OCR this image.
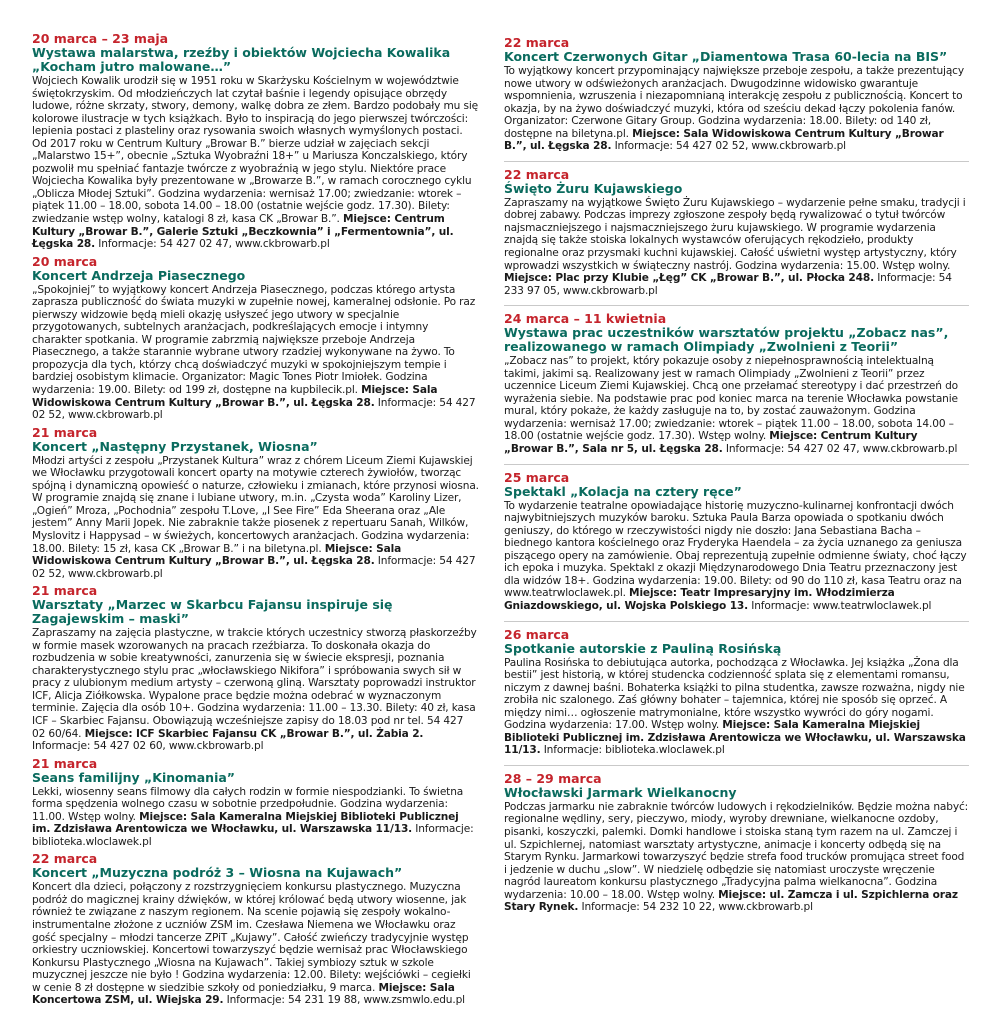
20 marca – 23 maja
Wystawa malarstwa, rzeźby i obiektów Wojciecha Kowalika „Kocham jutro malowane…”
Wojciech Kowalik urodził się w 1951 roku w Skarżysku Kościelnym w województwie świętokrzyskim. Od młodzieńczych lat czytał baśnie i legendy opisujące obrzędy ludowe, różne skrzaty, stwory, demony, walkę dobra ze złem. Bardzo podobały mu się kolorowe ilustracje w tych książkach. Było to inspiracją do jego pierwszej twórczości: lepienia postaci z plasteliny oraz rysowania swoich własnych wymyślonych postaci. Od 2017 roku w Centrum Kultury „Browar B.” bierze udział w zajęciach sekcji „Malarstwo 15+”, obecnie „Sztuka Wyobraźni 18+” u Mariusza Konczalskiego, który pozwolił mu spełniać fantazje twórcze z wyobraźnią w jego stylu. Niektóre prace Wojciecha Kowalika były prezentowane w „Browarze B.”, w ramach corocznego cyklu „Oblicza Młodej Sztuki”. Godzina wydarzenia: wernisaż 17.00; zwiedzanie: wtorek – piątek 11.00 – 18.00, sobota 14.00 – 18.00 (ostatnie wejście godz. 17.30). Bilety: zwiedzanie wstęp wolny, katalogi 8 zł, kasa CK „Browar B.”. Miejsce: Centrum Kultury „Browar B.”, Galerie Sztuki „Beczkownia” i „Fermentownia”, ul. Łęgska 28. Informacje: 54 427 02 47, www.ckbrowarb.pl
20 marca
Koncert Andrzeja Piasecznego
„Spokojniej” to wyjątkowy koncert Andrzeja Piasecznego, podczas którego artysta zaprasza publiczność do świata muzyki w zupełnie nowej, kameralnej odsłonie. Po raz pierwszy widzowie będą mieli okazję usłyszeć jego utwory w specjalnie przygotowanych, subtelnych aranżacjach, podkreślających emocje i intymny charakter spotkania. W programie zabrzmią największe przeboje Andrzeja Piasecznego, a także starannie wybrane utwory rzadziej wykonywane na żywo. To propozycja dla tych, którzy chcą doświadczyć muzyki w spokojniejszym tempie i bardziej osobistym klimacie. Organizator: Magic Tones Piotr Imiołek. Godzina wydarzenia: 19.00. Bilety: od 199 zł, dostępne na kupbilecik.pl. Miejsce: Sala Widowiskowa Centrum Kultury „Browar B.”, ul. Łęgska 28. Informacje: 54 427 02 52, www.ckbrowarb.pl
21 marca
Koncert „Następny Przystanek, Wiosna”
Młodzi artyści z zespołu „Przystanek Kultura” wraz z chórem Liceum Ziemi Kujawskiej we Włocławku przygotowali koncert oparty na motywie czterech żywiołów, tworząc spójną i dynamiczną opowieść o naturze, człowieku i zmianach, które przynosi wiosna. W programie znajdą się znane i lubiane utwory, m.in. „Czysta woda” Karoliny Lizer, „Ogień” Mroza, „Pochodnia” zespołu T.Love, „I See Fire” Eda Sheerana oraz „Ale jestem” Anny Marii Jopek. Nie zabraknie także piosenek z repertuaru Sanah, Wilków, Myslovitz i Happysad – w świeżych, koncertowych aranżacjach. Godzina wydarzenia: 18.00. Bilety: 15 zł, kasa CK „Browar B.” i na biletyna.pl. Miejsce: Sala Widowiskowa Centrum Kultury „Browar B.”, ul. Łęgska 28. Informacje: 54 427 02 52, www.ckbrowarb.pl
21 marca
Warsztaty „Marzec w Skarbcu Fajansu inspiruje się Zagajewskim – maski”
Zapraszamy na zajęcia plastyczne, w trakcie których uczestnicy stworzą płaskorzeźby w formie masek wzorowanych na pracach rzeźbiarza. To doskonała okazja do rozbudzenia w sobie kreatywności, zanurzenia się w świecie ekspresji, poznania charakterystycznego stylu prac „włocławskiego Nikifora” i spróbowania swych sił w pracy z ulubionym medium artysty – czerwoną gliną. Warsztaty poprowadzi instruktor ICF, Alicja Ziółkowska. Wypalone prace będzie można odebrać w wyznaczonym terminie. Zajęcia dla osób 10+. Godzina wydarzenia: 11.00 – 13.30. Bilety: 40 zł, kasa ICF – Skarbiec Fajansu. Obowiązują wcześniejsze zapisy do 18.03 pod nr tel. 54 427 02 60/64. Miejsce: ICF Skarbiec Fajansu CK „Browar B.”, ul. Żabia 2. Informacje: 54 427 02 60, www.ckbrowarb.pl
21 marca
Seans familijny „Kinomania”
Lekki, wiosenny seans filmowy dla całych rodzin w formie niespodzianki. To świetna forma spędzenia wolnego czasu w sobotnie przedpołudnie. Godzina wydarzenia: 11.00. Wstęp wolny. Miejsce: Sala Kameralna Miejskiej Biblioteki Publicznej im. Zdzisława Arentowicza we Włocławku, ul. Warszawska 11/13. Informacje: biblioteka.wloclawek.pl
22 marca
Koncert „Muzyczna podróż 3 – Wiosna na Kujawach”
Koncert dla dzieci, połączony z rozstrzygnięciem konkursu plastycznego. Muzyczna podróż do magicznej krainy dźwięków, w której królować będą utwory wiosenne, jak również te związane z naszym regionem. Na scenie pojawią się zespoły wokalno-instrumentalne złożone z uczniów ZSM im. Czesława Niemena we Włocławku oraz gość specjalny – młodzi tancerze ZPiT „Kujawy”. Całość zwieńczy tradycyjnie występ orkiestry uczniowskiej. Koncertowi towarzyszyć będzie wernisaż prac Włocławskiego Konkursu Plastycznego „Wiosna na Kujawach”. Takiej symbiozy sztuk w szkole muzycznej jeszcze nie było ! Godzina wydarzenia: 12.00. Bilety: wejściówki – cegiełki w cenie 8 zł dostępne w siedzibie szkoły od poniedziałku, 9 marca. Miejsce: Sala Koncertowa ZSM, ul. Wiejska 29. Informacje: 54 231 19 88, www.zsmwlo.edu.pl
22 marca
Koncert Czerwonych Gitar „Diamentowa Trasa 60-lecia na BIS”
To wyjątkowy koncert przypominający największe przeboje zespołu, a także prezentujący nowe utwory w odświeżonych aranżacjach. Dwugodzinne widowisko gwarantuje wspomnienia, wzruszenia i niezapomnianą interakcję zespołu z publicznością. Koncert to okazja, by na żywo doświadczyć muzyki, która od sześciu dekad łączy pokolenia fanów. Organizator: Czerwone Gitary Group. Godzina wydarzenia: 18.00. Bilety: od 140 zł, dostępne na biletyna.pl. Miejsce: Sala Widowiskowa Centrum Kultury „Browar B.”, ul. Łęgska 28. Informacje: 54 427 02 52, www.ckbrowarb.pl
22 marca
Święto Żuru Kujawskiego
Zapraszamy na wyjątkowe Święto Żuru Kujawskiego – wydarzenie pełne smaku, tradycji i dobrej zabawy. Podczas imprezy zgłoszone zespoły będą rywalizować o tytuł twórców najsmaczniejszego i najsmaczniejszego żuru kujawskiego. W programie wydarzenia znajdą się także stoiska lokalnych wystawców oferujących rękodzieło, produkty regionalne oraz przysmaki kuchni kujawskiej. Całość uświetni występ artystyczny, który wprowadzi wszystkich w świąteczny nastrój. Godzina wydarzenia: 15.00. Wstęp wolny. Miejsce: Plac przy Klubie „Łęg” CK „Browar B.”, ul. Płocka 248. Informacje: 54 233 97 05, www.ckbrowarb.pl
24 marca – 11 kwietnia
Wystawa prac uczestników warsztatów projektu „Zobacz nas”, realizowanego w ramach Olimpiady „Zwolnieni z Teorii”
„Zobacz nas” to projekt, który pokazuje osoby z niepełnosprawnością intelektualną takimi, jakimi są. Realizowany jest w ramach Olimpiady „Zwolnieni z Teorii” przez uczennice Liceum Ziemi Kujawskiej. Chcą one przełamać stereotypy i dać przestrzeń do wyrażenia siebie. Na podstawie prac pod koniec marca na terenie Włocławka powstanie mural, który pokaże, że każdy zasługuje na to, by zostać zauważonym. Godzina wydarzenia: wernisaż 17.00; zwiedzanie: wtorek – piątek 11.00 – 18.00, sobota 14.00 – 18.00 (ostatnie wejście godz. 17.30). Wstęp wolny. Miejsce: Centrum Kultury „Browar B.”, Sala nr 5, ul. Łęgska 28. Informacje: 54 427 02 47, www.ckbrowarb.pl
25 marca
Spektakl „Kolacja na cztery ręce”
To wydarzenie teatralne opowiadające historię muzyczno-kulinarnej konfrontacji dwóch najwybitniejszych muzyków baroku. Sztuka Paula Barza opowiada o spotkaniu dwóch geniuszy, do którego w rzeczywistości nigdy nie doszło: Jana Sebastiana Bacha – biednego kantora kościelnego oraz Fryderyka Haendela – za życia uznanego za geniusza piszącego opery na zamówienie. Obaj reprezentują zupełnie odmienne światy, choć łączy ich epoka i muzyka. Spektakl z okazji Międzynarodowego Dnia Teatru przeznaczony jest dla widzów 18+. Godzina wydarzenia: 19.00. Bilety: od 90 do 110 zł, kasa Teatru oraz na www.teatrwloclawek.pl. Miejsce: Teatr Impresaryjny im. Włodzimierza Gniazdowskiego, ul. Wojska Polskiego 13. Informacje: www.teatrwloclawek.pl
26 marca
Spotkanie autorskie z Pauliną Rosińską
Paulina Rosińska to debiutująca autorka, pochodząca z Włocławka. Jej książka „Żona dla bestii” jest historią, w której studencka codzienność splata się z elementami romansu, niczym z dawnej baśni. Bohaterka książki to pilna studentka, zawsze rozważna, nigdy nie zrobiła nic szalonego. Zaś główny bohater – tajemnica, której nie sposób się oprzeć. A między nimi… ogłoszenie matrymonialne, które wszystko wywróci do góry nogami. Godzina wydarzenia: 17.00. Wstęp wolny. Miejsce: Sala Kameralna Miejskiej Biblioteki Publicznej im. Zdzisława Arentowicza we Włocławku, ul. Warszawska 11/13. Informacje: biblioteka.wloclawek.pl
28 – 29 marca
Włocławski Jarmark Wielkanocny
Podczas jarmarku nie zabraknie twórców ludowych i rękodzielników. Będzie można nabyć: regionalne wędliny, sery, pieczywo, miody, wyroby drewniane, wielkanocne ozdoby, pisanki, koszyczki, palemki. Domki handlowe i stoiska staną tym razem na ul. Zamczej i ul. Szpichlernej, natomiast warsztaty artystyczne, animacje i koncerty odbędą się na Starym Rynku. Jarmarkowi towarzyszyć będzie strefa food trucków promująca street food i jedzenie w duchu „slow”. W niedzielę odbędzie się natomiast uroczyste wręczenie nagród laureatom konkursu plastycznego „Tradycyjna palma wielkanocna”. Godzina wydarzenia: 10.00 – 18.00. Wstęp wolny. Miejsce: ul. Zamcza i ul. Szpichlerna oraz Stary Rynek. Informacje: 54 232 10 22, www.ckbrowarb.pl
